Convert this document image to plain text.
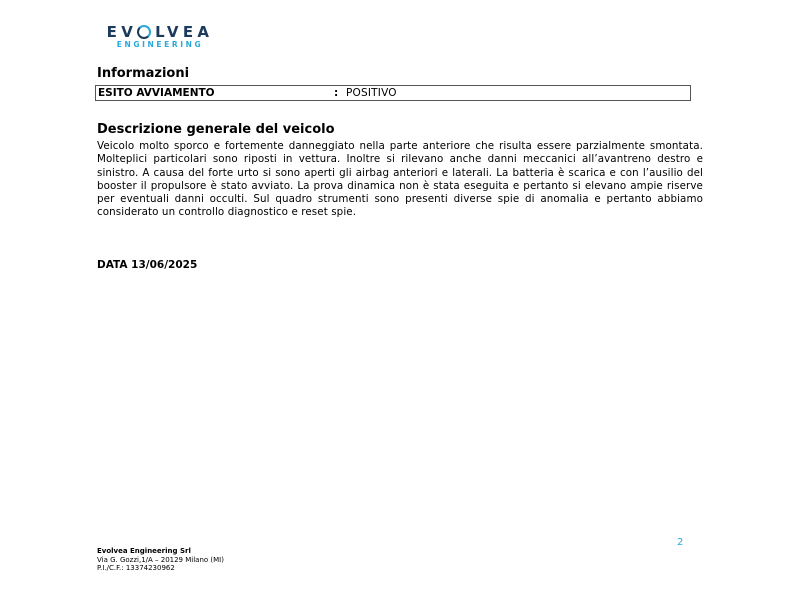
EV LVEA
ENGINEERING
Informazioni
ESITO AVVIAMENTO	: POSITIVO
Descrizione generale del veicolo

Veicolo molto sporco e fortemente danneggiato nella parte anteriore che risulta essere parzialmente smontata. Molteplici particolari sono riposti in vettura. Inoltre si rilevano anche danni meccanici all’avantreno destro e sinistro. A causa del forte urto si sono aperti gli airbag anteriori e laterali. La batteria è scarica e con l’ausilio del booster il propulsore è stato avviato. La prova dinamica non è stata eseguita e pertanto si elevano ampie riserve per eventuali danni occulti. Sul quadro strumenti sono presenti diverse spie di anomalia e pertanto abbiamo considerato un controllo diagnostico e reset spie.

DATA 13/06/2025
2
Evolvea Engineering Srl
Via G. Gozzi,1/A – 20129 Milano (MI)
P.I./C.F.: 13374230962
